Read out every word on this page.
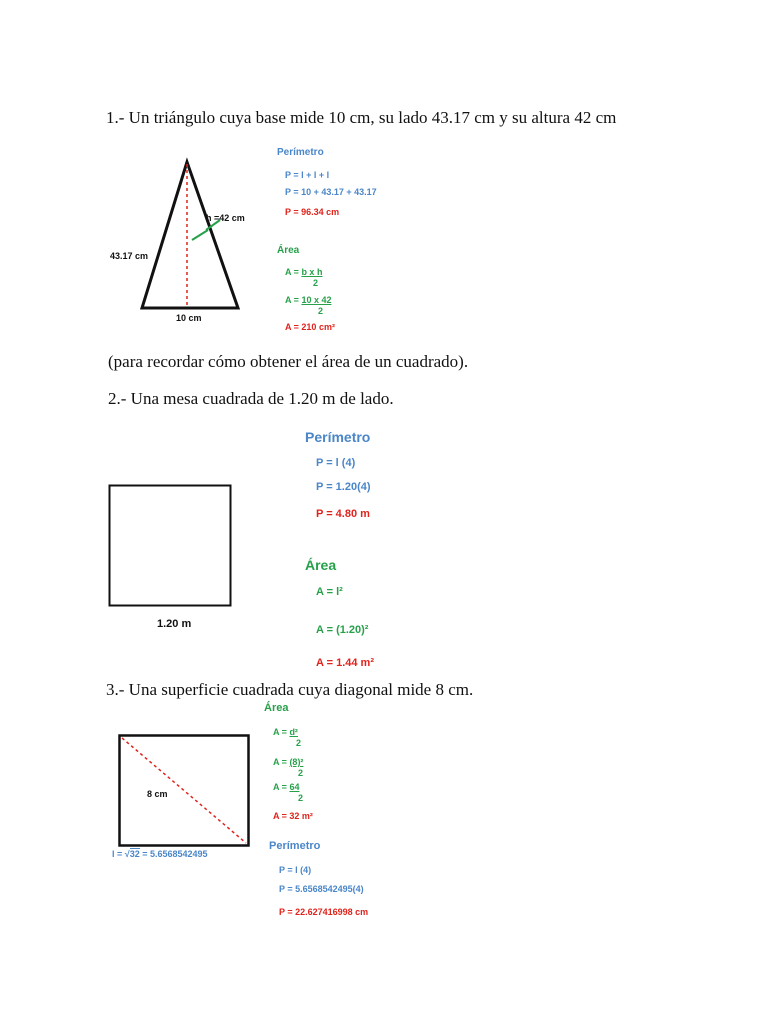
1.- Un triángulo cuya base mide 10 cm, su lado 43.17 cm y su altura 42 cm
h =42 cm
43.17 cm
10 cm
Perímetro
P = l + l + l
P = 10 + 43.17 + 43.17
P = 96.34 cm
Área
A = b x h
2
A = 10 x 42
2
A = 210 cm²
(para recordar cómo obtener el área de un cuadrado).
2.- Una mesa cuadrada de 1.20 m de lado.
1.20 m
Perímetro
P = l (4)
P = 1.20(4)
P = 4.80 m
Área
A = l²
A = (1.20)²
A = 1.44 m²
3.- Una superficie cuadrada cuya diagonal mide 8 cm.
8 cm
l = √32 = 5.6568542495
Área
A = d²
2
A = (8)²
2
A = 64
2
A = 32 m²
Perímetro
P = l (4)
P = 5.6568542495(4)
P = 22.627416998 cm
